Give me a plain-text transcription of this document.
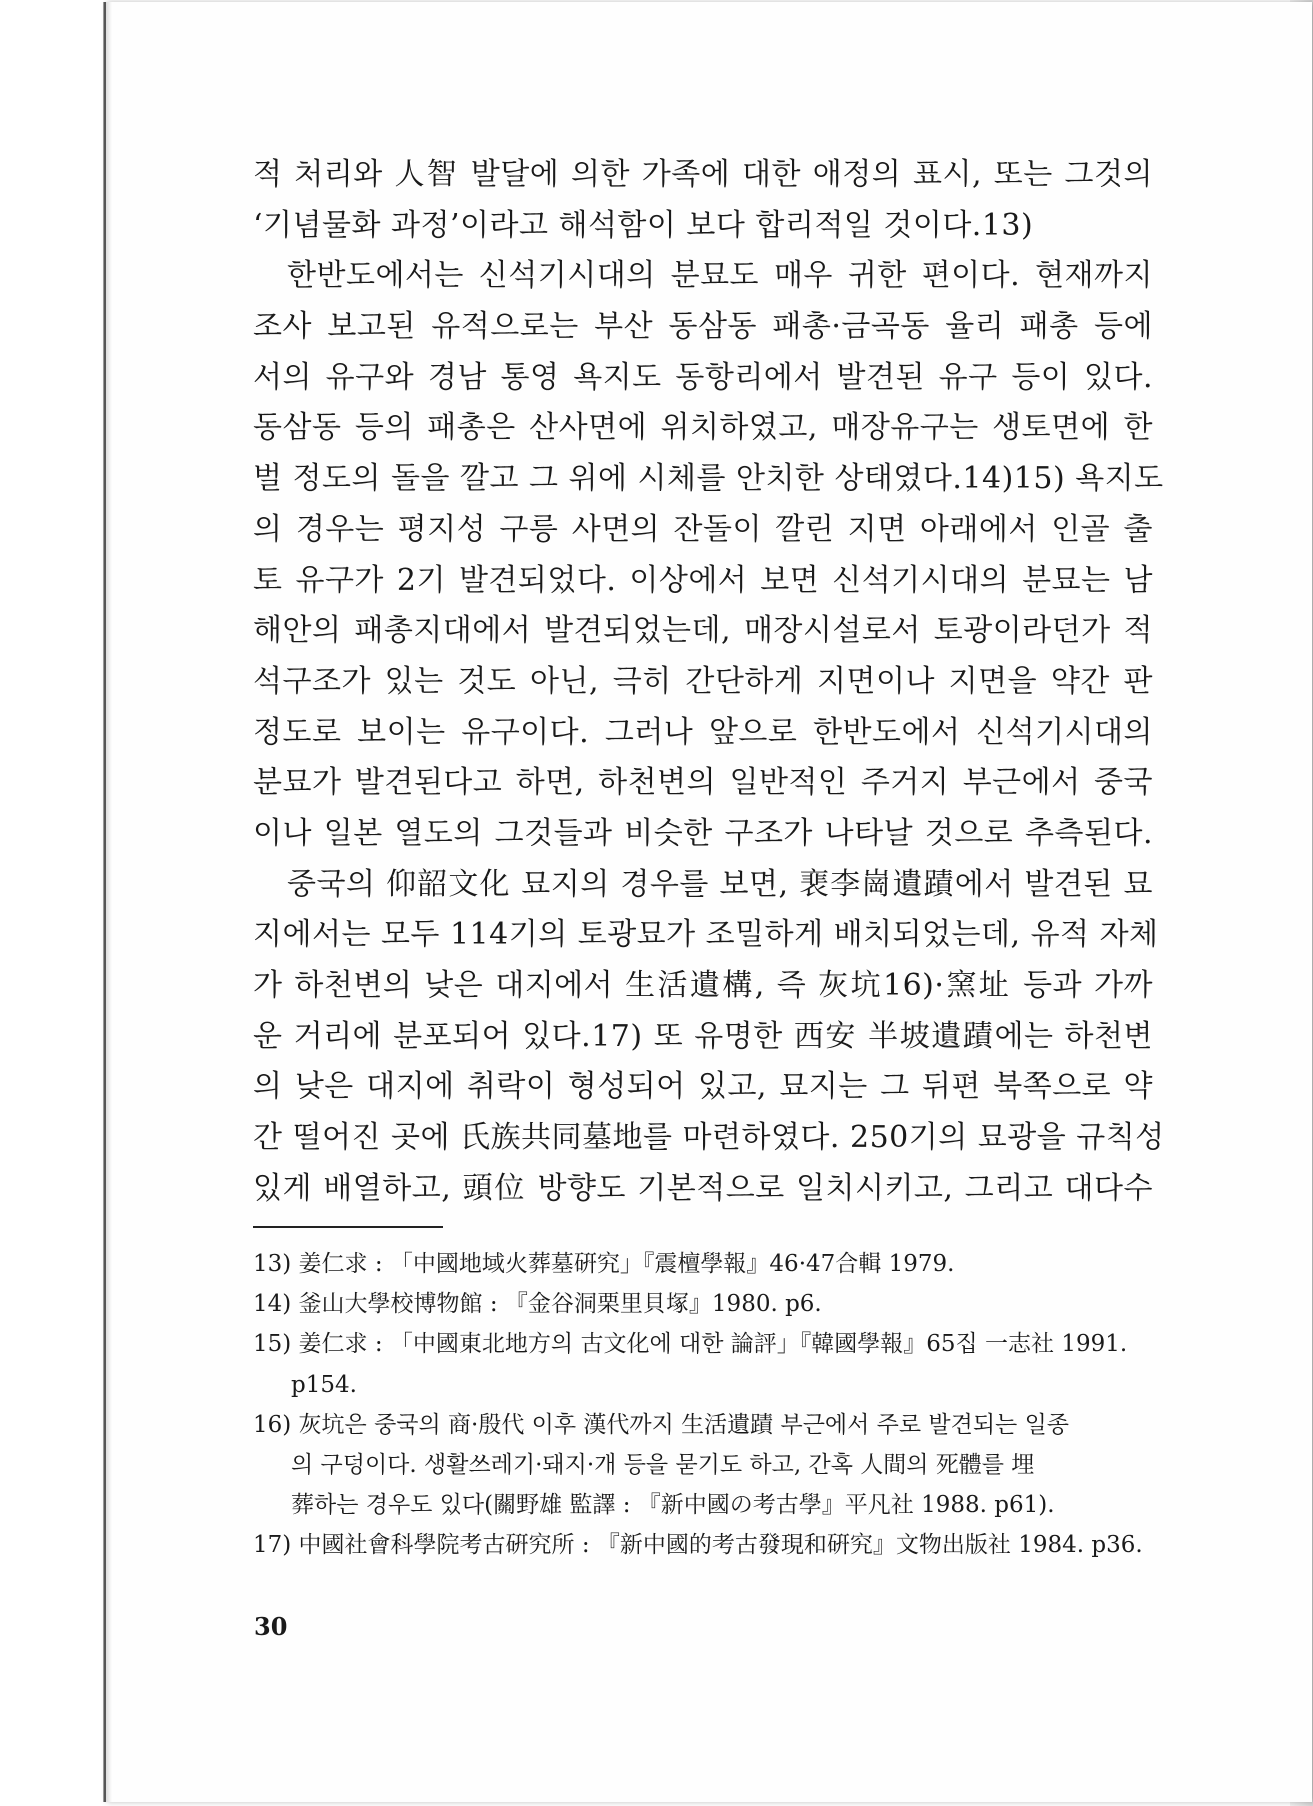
적 처리와 人智 발달에 의한 가족에 대한 애정의 표시, 또는 그것의
‘기념물화 과정’이라고 해석함이 보다 합리적일 것이다.13)
한반도에서는 신석기시대의 분묘도 매우 귀한 편이다. 현재까지
조사 보고된 유적으로는 부산 동삼동 패총·금곡동 율리 패총 등에
서의 유구와 경남 통영 욕지도 동항리에서 발견된 유구 등이 있다.
동삼동 등의 패총은 산사면에 위치하였고, 매장유구는 생토면에 한
벌 정도의 돌을 깔고 그 위에 시체를 안치한 상태였다.14)15) 욕지도
의 경우는 평지성 구릉 사면의 잔돌이 깔린 지면 아래에서 인골 출
토 유구가 2기 발견되었다. 이상에서 보면 신석기시대의 분묘는 남
해안의 패총지대에서 발견되었는데, 매장시설로서 토광이라던가 적
석구조가 있는 것도 아닌, 극히 간단하게 지면이나 지면을 약간 판
정도로 보이는 유구이다. 그러나 앞으로 한반도에서 신석기시대의
분묘가 발견된다고 하면, 하천변의 일반적인 주거지 부근에서 중국
이나 일본 열도의 그것들과 비슷한 구조가 나타날 것으로 추측된다.
중국의 仰韶文化 묘지의 경우를 보면, 裵李崗遺蹟에서 발견된 묘
지에서는 모두 114기의 토광묘가 조밀하게 배치되었는데, 유적 자체
가 하천변의 낮은 대지에서 生活遺構, 즉 灰坑16)·窯址 등과 가까
운 거리에 분포되어 있다.17) 또 유명한 西安 半坡遺蹟에는 하천변
의 낮은 대지에 취락이 형성되어 있고, 묘지는 그 뒤편 북쪽으로 약
간 떨어진 곳에 氏族共同墓地를 마련하였다. 250기의 묘광을 규칙성
있게 배열하고, 頭位 방향도 기본적으로 일치시키고, 그리고 대다수
13) 姜仁求 : 「中國地域火葬墓硏究」『震檀學報』46·47合輯 1979.
14) 釜山大學校博物館 : 『金谷洞栗里貝塚』1980. p6.
15) 姜仁求 : 「中國東北地方의 古文化에 대한 論評」『韓國學報』65집 一志社 1991.
p154.
16) 灰坑은 중국의 商·殷代 이후 漢代까지 生活遺蹟 부근에서 주로 발견되는 일종
의 구덩이다. 생활쓰레기·돼지·개 등을 묻기도 하고, 간혹 人間의 死體를 埋
葬하는 경우도 있다(關野雄 監譯 : 『新中國の考古學』平凡社 1988. p61).
17) 中國社會科學院考古硏究所 : 『新中國的考古發現和硏究』文物出版社 1984. p36.
30
